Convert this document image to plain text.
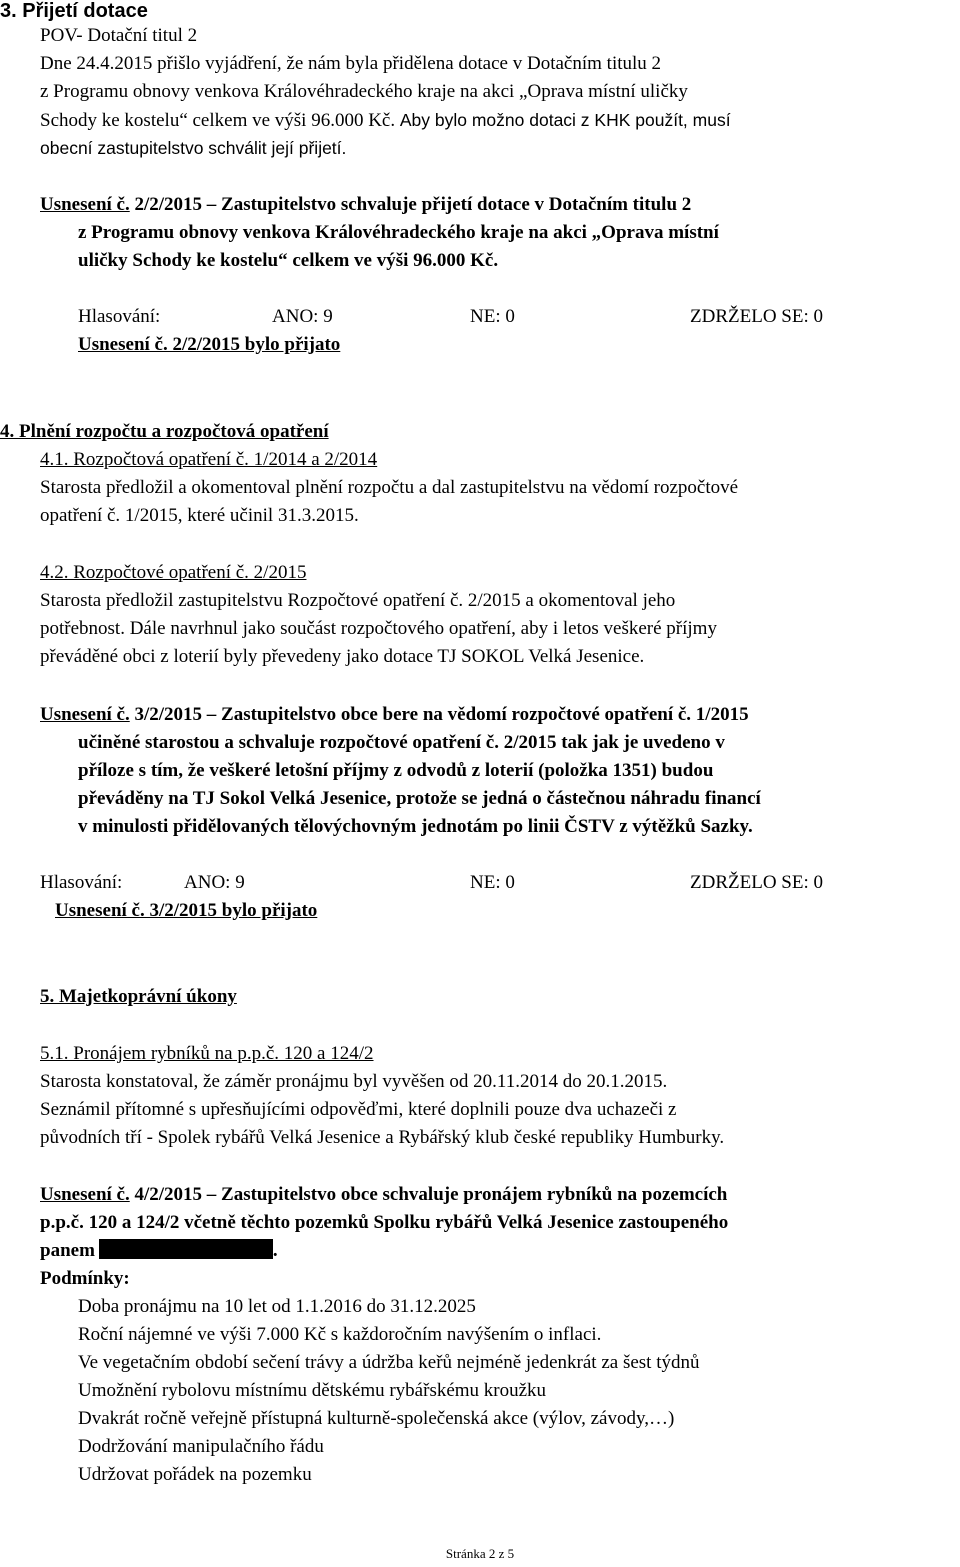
3. Přijetí dotace
POV- Dotační titul 2
Dne 24.4.2015 přišlo vyjádření, že nám byla přidělena dotace v Dotačním titulu 2
z Programu obnovy venkova Královéhradeckého kraje na akci „Oprava místní uličky
Schody ke kostelu“ celkem ve výši 96.000 Kč. Aby bylo možno dotaci z KHK použít, musí
obecní zastupitelstvo schválit její přijetí.
Usnesení č. 2/2/2015 – Zastupitelstvo schvaluje přijetí dotace v Dotačním titulu 2
z Programu obnovy venkova Královéhradeckého kraje na akci „Oprava místní
uličky Schody ke kostelu“ celkem ve výši 96.000 Kč.
Hlasování:	ANO: 9	NE: 0	ZDRŽELO SE: 0
Usnesení č. 2/2/2015 bylo přijato
4. Plnění rozpočtu a rozpočtová opatření
4.1. Rozpočtová opatření č. 1/2014 a 2/2014
Starosta předložil a okomentoval plnění rozpočtu a dal zastupitelstvu na vědomí rozpočtové
opatření č. 1/2015, které učinil 31.3.2015.
4.2. Rozpočtové opatření č. 2/2015
Starosta předložil zastupitelstvu Rozpočtové opatření č. 2/2015 a okomentoval jeho
potřebnost. Dále navrhnul jako součást rozpočtového opatření, aby i letos veškeré příjmy
převáděné obci z loterií byly převedeny jako dotace TJ SOKOL Velká Jesenice.
Usnesení č. 3/2/2015 – Zastupitelstvo obce bere na vědomí rozpočtové opatření č. 1/2015
učiněné starostou a schvaluje rozpočtové opatření č. 2/2015 tak jak je uvedeno v
příloze s tím, že veškeré letošní příjmy z odvodů z loterií (položka 1351) budou
převáděny na TJ Sokol Velká Jesenice, protože se jedná o částečnou náhradu financí
v minulosti přidělovaných tělovýchovným jednotám po linii ČSTV z výtěžků Sazky.
Hlasování:	ANO: 9	NE: 0	ZDRŽELO SE: 0
Usnesení č. 3/2/2015 bylo přijato
5. Majetkoprávní úkony
5.1. Pronájem rybníků na p.p.č. 120 a 124/2
Starosta konstatoval, že záměr pronájmu byl vyvěšen od 20.11.2014 do 20.1.2015.
Seznámil přítomné s upřesňujícími odpověďmi, které doplnili pouze dva uchazeči z
původních tří - Spolek rybářů Velká Jesenice a Rybářský klub české republiky Humburky.
Usnesení č. 4/2/2015 – Zastupitelstvo obce schvaluje pronájem rybníků na pozemcích
p.p.č. 120 a 124/2 včetně těchto pozemků Spolku rybářů Velká Jesenice zastoupeného
panem	.
Podmínky:
Doba pronájmu na 10 let od 1.1.2016 do 31.12.2025
Roční nájemné ve výši 7.000 Kč s každoročním navýšením o inflaci.
Ve vegetačním období sečení trávy a údržba keřů nejméně jedenkrát za šest týdnů
Umožnění rybolovu místnímu dětskému rybářskému kroužku
Dvakrát ročně veřejně přístupná kulturně-společenská akce (výlov, závody,…)
Dodržování manipulačního řádu
Udržovat pořádek na pozemku
Stránka 2 z 5
